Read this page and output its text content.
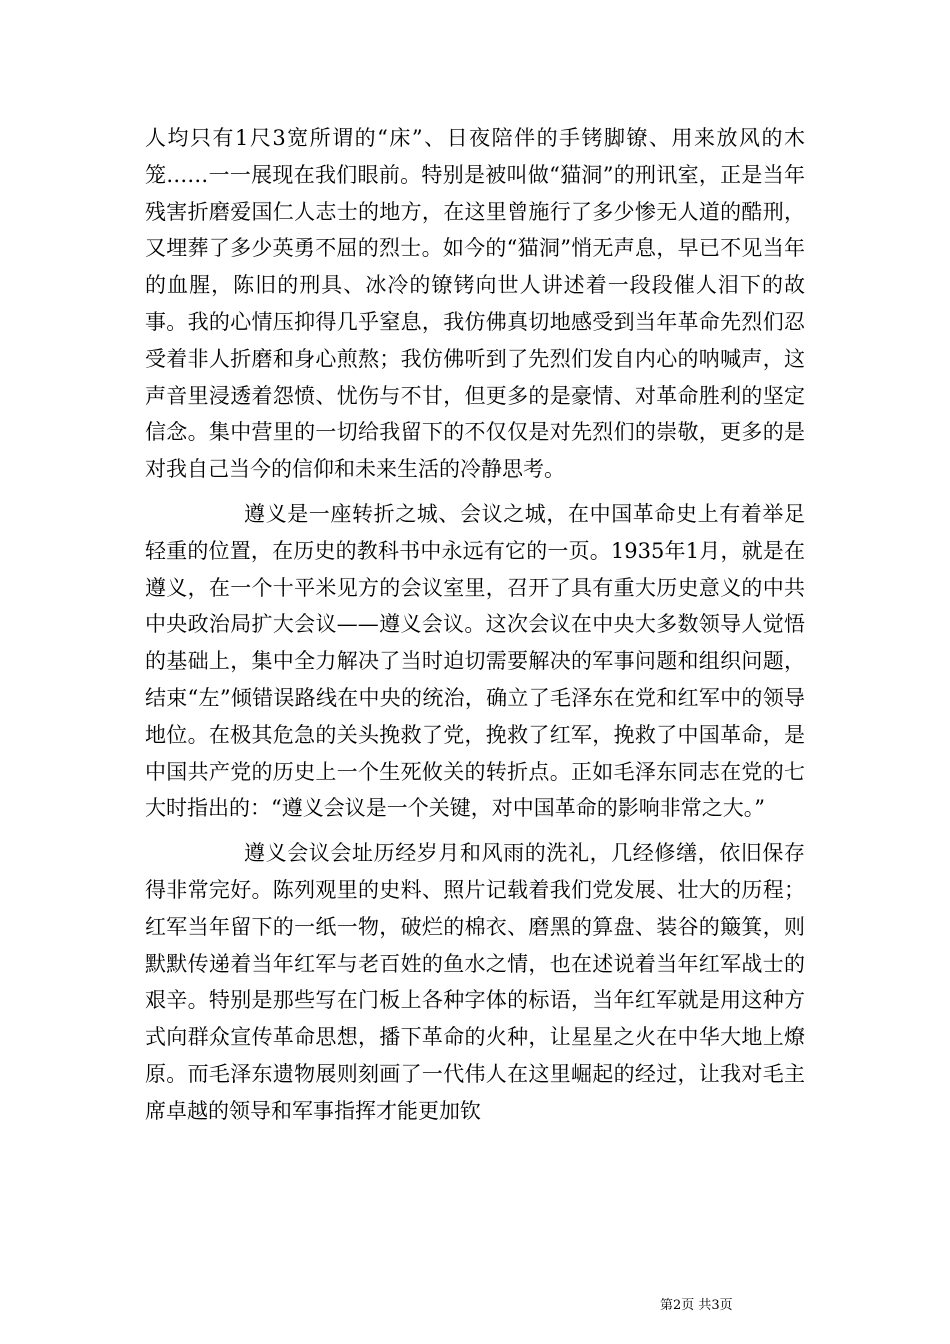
人均只有1尺3宽所谓的“床”、日夜陪伴的手铐脚镣、用来放风的木笼……一一展现在我们眼前。特别是被叫做“猫洞”的刑讯室，正是当年残害折磨爱国仁人志士的地方，在这里曾施行了多少惨无人道的酷刑，又埋葬了多少英勇不屈的烈士。如今的“猫洞”悄无声息，早已不见当年的血腥，陈旧的刑具、冰冷的镣铐向世人讲述着一段段催人泪下的故事。我的心情压抑得几乎窒息，我仿佛真切地感受到当年革命先烈们忍受着非人折磨和身心煎熬；我仿佛听到了先烈们发自内心的呐喊声，这声音里浸透着怨愤、忧伤与不甘，但更多的是豪情、对革命胜利的坚定信念。集中营里的一切给我留下的不仅仅是对先烈们的崇敬，更多的是对我自己当今的信仰和未来生活的冷静思考。

遵义是一座转折之城、会议之城，在中国革命史上有着举足轻重的位置，在历史的教科书中永远有它的一页。1935年1月，就是在遵义，在一个十平米见方的会议室里，召开了具有重大历史意义的中共中央政治局扩大会议——遵义会议。这次会议在中央大多数领导人觉悟的基础上，集中全力解决了当时迫切需要解决的军事问题和组织问题，结束“左”倾错误路线在中央的统治，确立了毛泽东在党和红军中的领导地位。在极其危急的关头挽救了党，挽救了红军，挽救了中国革命，是中国共产党的历史上一个生死攸关的转折点。正如毛泽东同志在党的七大时指出的：“遵义会议是一个关键，对中国革命的影响非常之大。”

遵义会议会址历经岁月和风雨的洗礼，几经修缮，依旧保存得非常完好。陈列观里的史料、照片记载着我们党发展、壮大的历程；红军当年留下的一纸一物，破烂的棉衣、磨黑的算盘、装谷的簸箕，则默默传递着当年红军与老百姓的鱼水之情，也在述说着当年红军战士的艰辛。特别是那些写在门板上各种字体的标语，当年红军就是用这种方式向群众宣传革命思想，播下革命的火种，让星星之火在中华大地上燎原。而毛泽东遗物展则刻画了一代伟人在这里崛起的经过，让我对毛主席卓越的领导和军事指挥才能更加钦

第2页 共3页
